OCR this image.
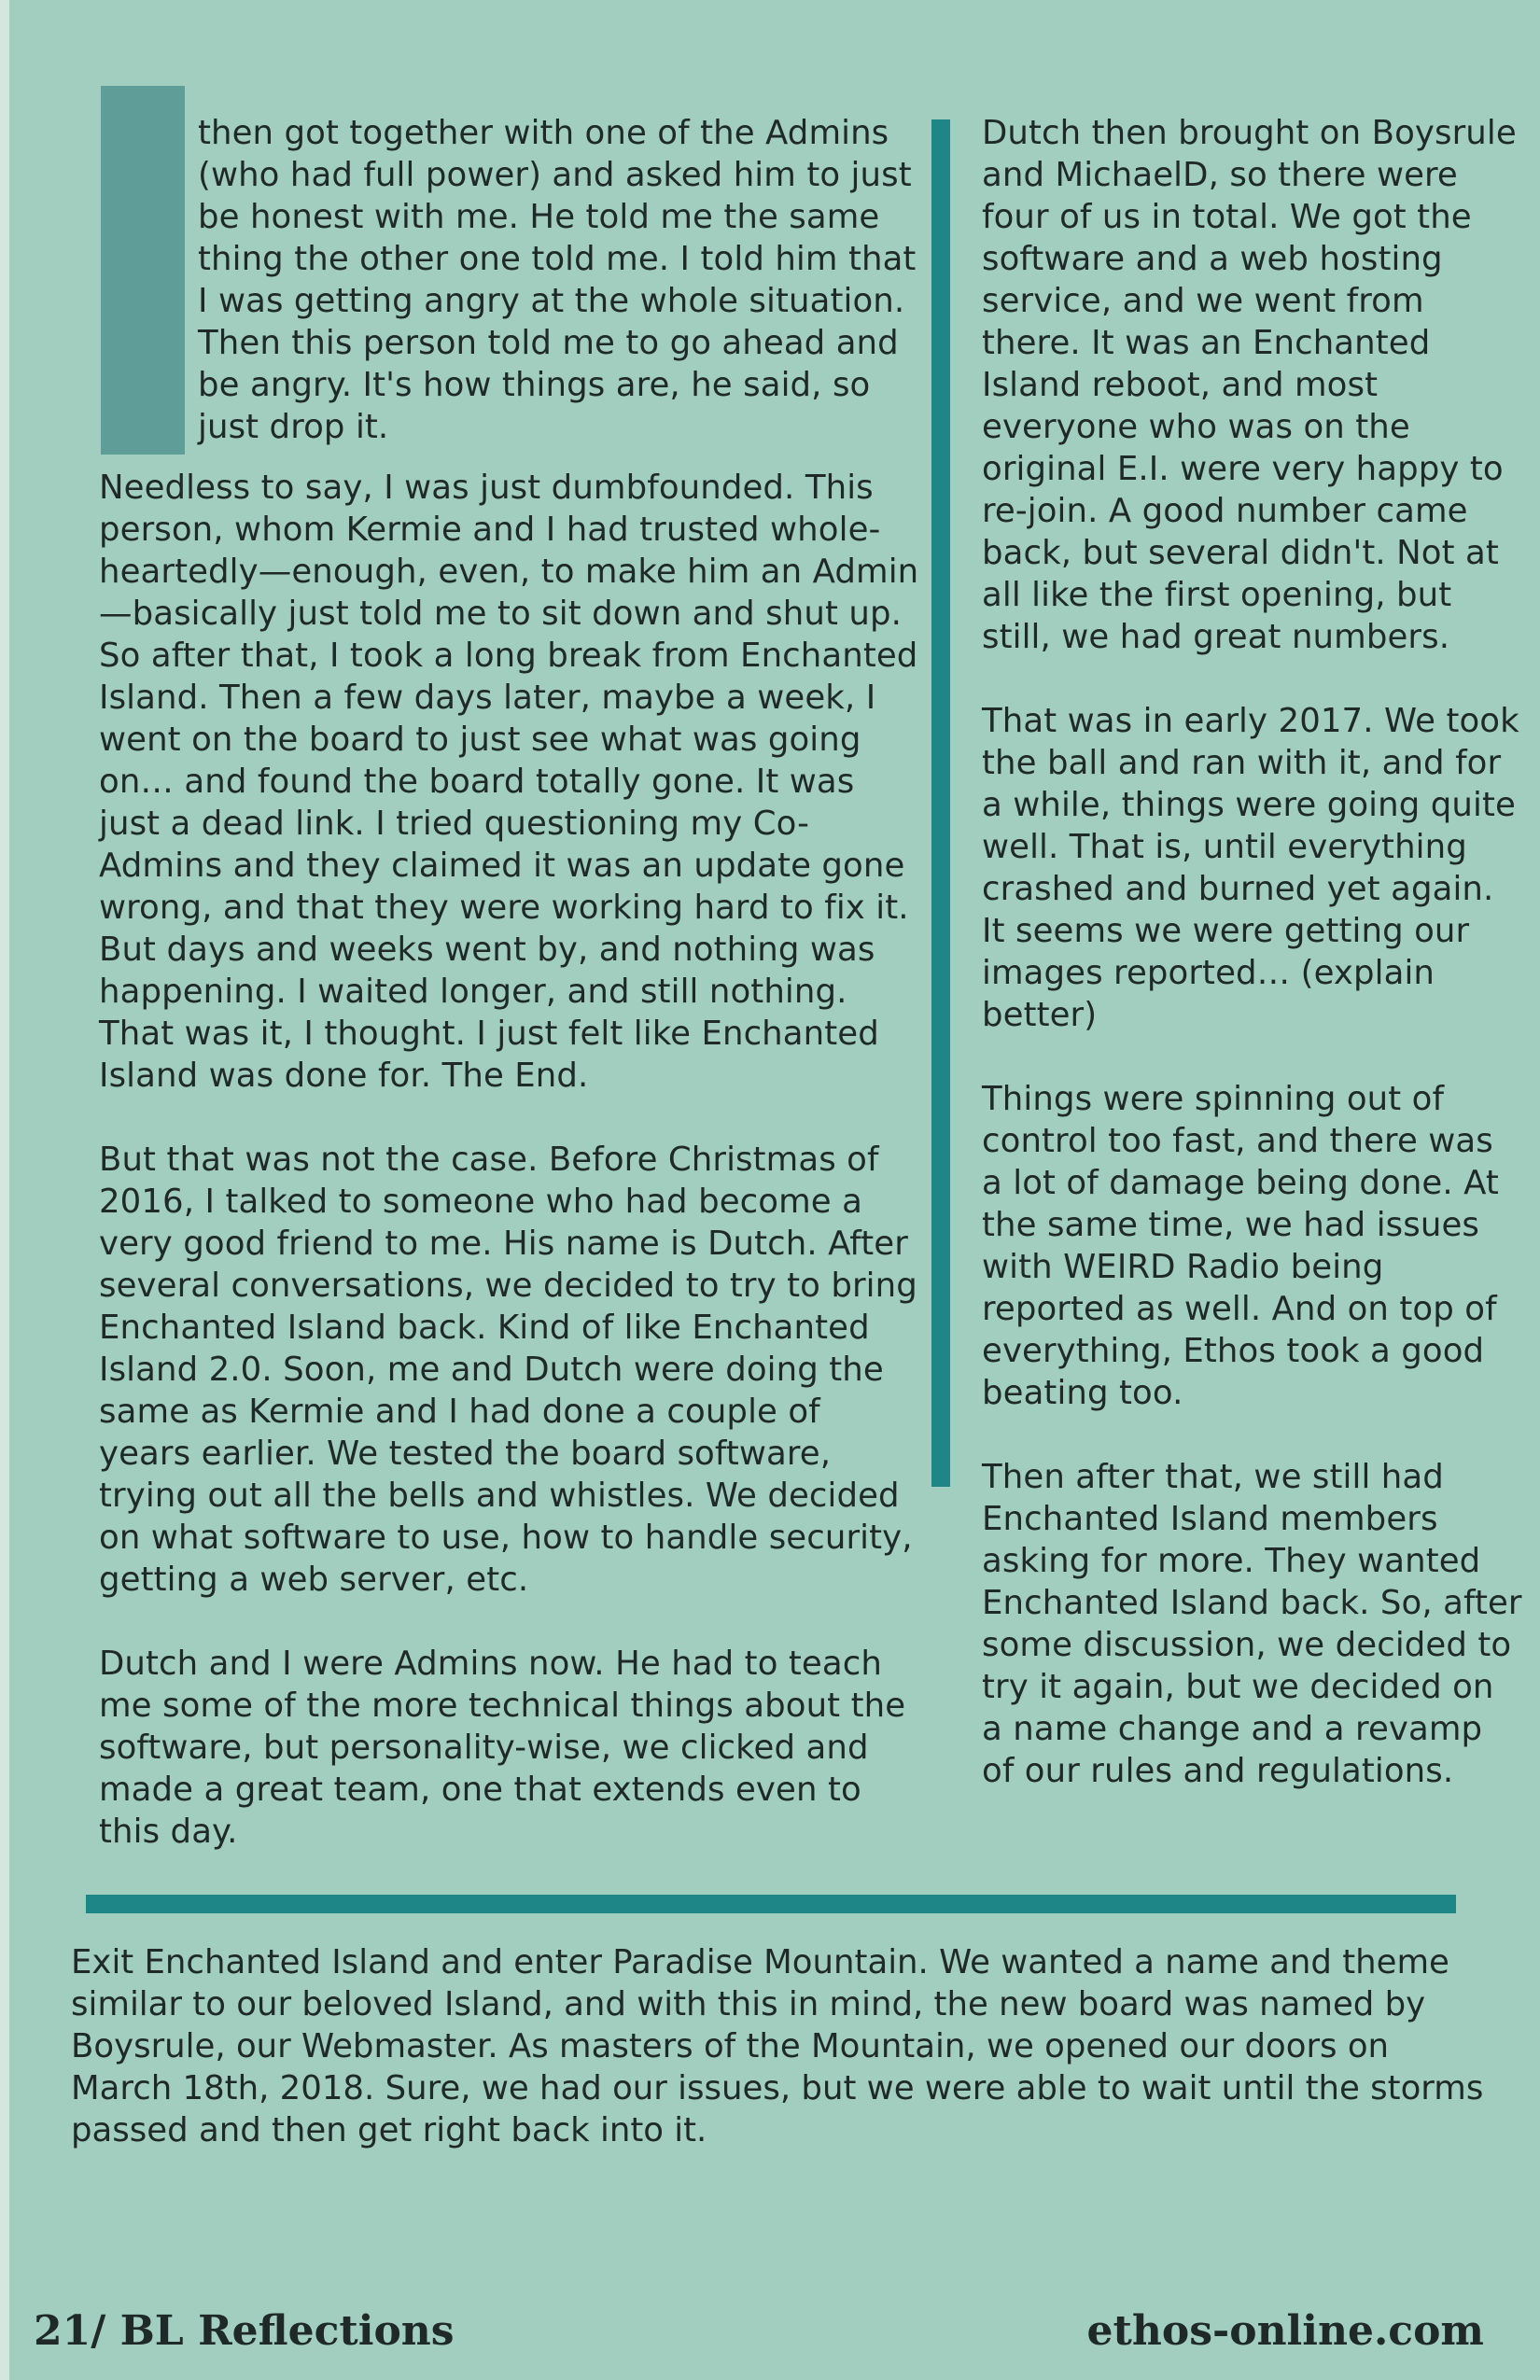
then got together with one of the Admins (who had full power) and asked him to just be honest with me. He told me the same thing the other one told me. I told him that I was getting angry at the whole situation. Then this person told me to go ahead and be angry. It's how things are, he said, so just drop it.

Needless to say, I was just dumbfounded. This person, whom Kermie and I had trusted whole-heartedly—enough, even, to make him an Admin—basically just told me to sit down and shut up. So after that, I took a long break from Enchanted Island. Then a few days later, maybe a week, I went on the board to just see what was going on… and found the board totally gone. It was just a dead link. I tried questioning my Co-Admins and they claimed it was an update gone wrong, and that they were working hard to fix it. But days and weeks went by, and nothing was happening. I waited longer, and still nothing. That was it, I thought. I just felt like Enchanted Island was done for. The End.

But that was not the case. Before Christmas of 2016, I talked to someone who had become a very good friend to me. His name is Dutch. After several conversations, we decided to try to bring Enchanted Island back. Kind of like Enchanted Island 2.0. Soon, me and Dutch were doing the same as Kermie and I had done a couple of years earlier. We tested the board software, trying out all the bells and whistles. We decided on what software to use, how to handle security, getting a web server, etc.

Dutch and I were Admins now. He had to teach me some of the more technical things about the software, but personality-wise, we clicked and made a great team, one that extends even to this day.

Dutch then brought on Boysrule and MichaelD, so there were four of us in total. We got the software and a web hosting service, and we went from there. It was an Enchanted Island reboot, and most everyone who was on the original E.I. were very happy to re-join. A good number came back, but several didn't. Not at all like the first opening, but still, we had great numbers.

That was in early 2017. We took the ball and ran with it, and for a while, things were going quite well. That is, until everything crashed and burned yet again. It seems we were getting our images reported… (explain better)

Things were spinning out of control too fast, and there was a lot of damage being done. At the same time, we had issues with WEIRD Radio being reported as well. And on top of everything, Ethos took a good beating too.

Then after that, we still had Enchanted Island members asking for more. They wanted Enchanted Island back. So, after some discussion, we decided to try it again, but we decided on a name change and a revamp of our rules and regulations.

Exit Enchanted Island and enter Paradise Mountain. We wanted a name and theme similar to our beloved Island, and with this in mind, the new board was named by Boysrule, our Webmaster. As masters of the Mountain, we opened our doors on March 18th, 2018. Sure, we had our issues, but we were able to wait until the storms passed and then get right back into it.

21/ BL Reflections	ethos-online.com
